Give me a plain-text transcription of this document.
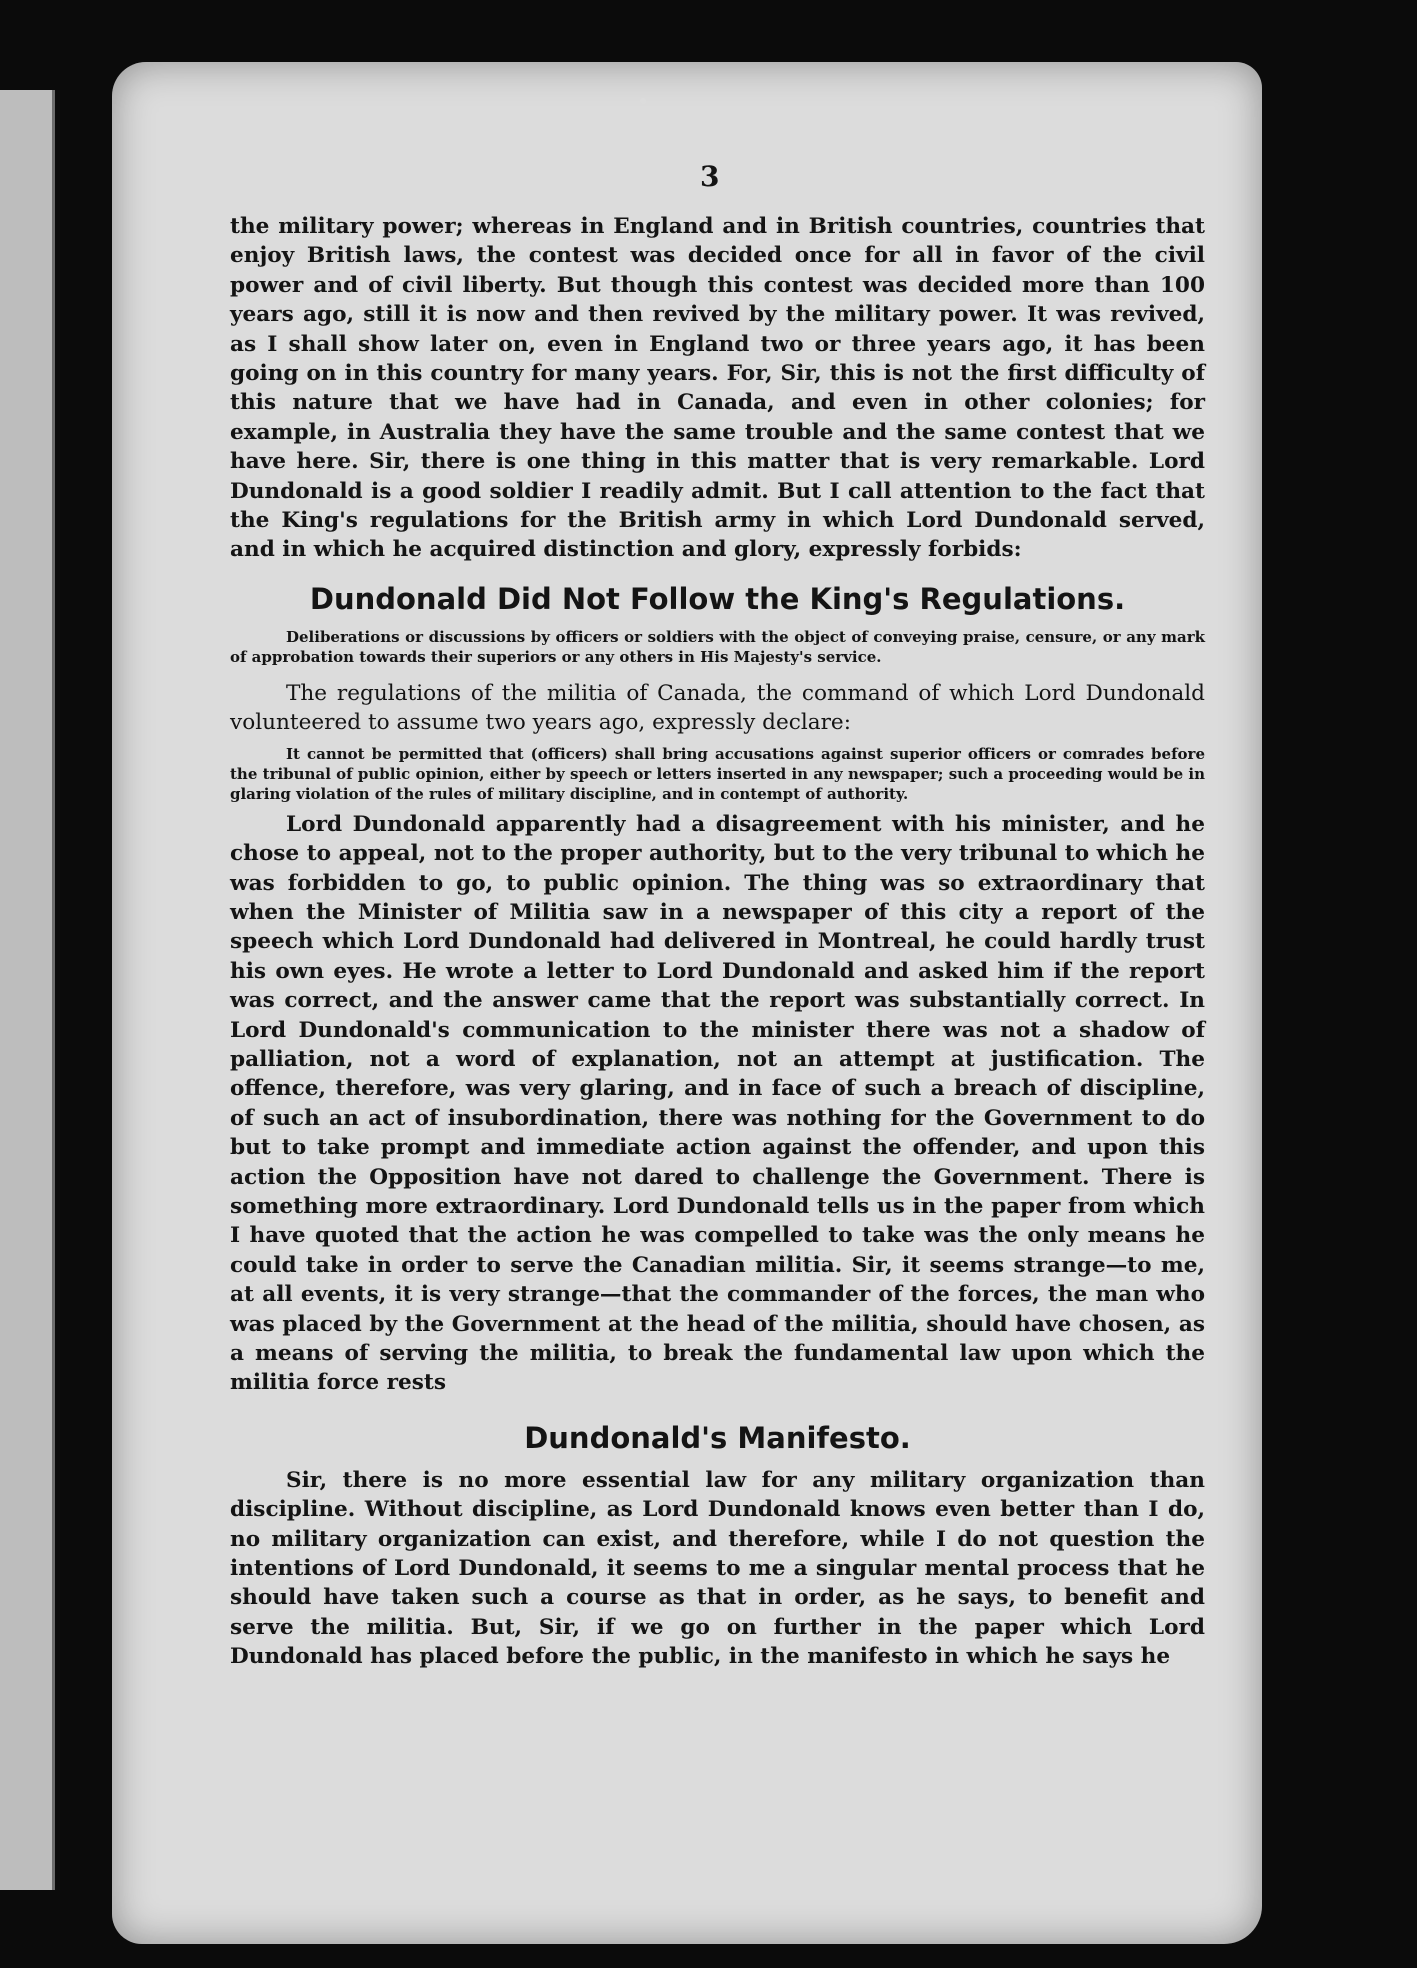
3

the military power; whereas in England and in British countries, countries that enjoy British laws, the contest was decided once for all in favor of the civil power and of civil liberty. But though this contest was decided more than 100 years ago, still it is now and then revived by the military power. It was revived, as I shall show later on, even in England two or three years ago, it has been going on in this country for many years. For, Sir, this is not the first difficulty of this nature that we have had in Canada, and even in other colonies; for example, in Australia they have the same trouble and the same contest that we have here. Sir, there is one thing in this matter that is very remarkable. Lord Dundonald is a good soldier I readily admit. But I call attention to the fact that the King's regulations for the British army in which Lord Dundonald served, and in which he acquired distinction and glory, expressly forbids:

Dundonald Did Not Follow the King's Regulations.

Deliberations or discussions by officers or soldiers with the object of conveying praise, censure, or any mark of approbation towards their superiors or any others in His Majesty's service.

The regulations of the militia of Canada, the command of which Lord Dundonald volunteered to assume two years ago, expressly declare:

It cannot be permitted that (officers) shall bring accusations against superior officers or comrades before the tribunal of public opinion, either by speech or letters inserted in any newspaper; such a proceeding would be in glaring violation of the rules of military discipline, and in contempt of authority.

Lord Dundonald apparently had a disagreement with his minister, and he chose to appeal, not to the proper authority, but to the very tribunal to which he was forbidden to go, to public opinion. The thing was so extraordinary that when the Minister of Militia saw in a newspaper of this city a report of the speech which Lord Dundonald had delivered in Montreal, he could hardly trust his own eyes. He wrote a letter to Lord Dundonald and asked him if the report was correct, and the answer came that the report was substantially correct. In Lord Dundonald's communication to the minister there was not a shadow of palliation, not a word of explanation, not an attempt at justification. The offence, therefore, was very glaring, and in face of such a breach of discipline, of such an act of insubordination, there was nothing for the Government to do but to take prompt and immediate action against the offender, and upon this action the Opposition have not dared to challenge the Government. There is something more extraordinary. Lord Dundonald tells us in the paper from which I have quoted that the action he was compelled to take was the only means he could take in order to serve the Canadian militia. Sir, it seems strange—to me, at all events, it is very strange—that the commander of the forces, the man who was placed by the Government at the head of the militia, should have chosen, as a means of serving the militia, to break the fundamental law upon which the militia force rests

Dundonald's Manifesto.

Sir, there is no more essential law for any military organization than discipline. Without discipline, as Lord Dundonald knows even better than I do, no military organization can exist, and therefore, while I do not question the intentions of Lord Dundonald, it seems to me a singular mental process that he should have taken such a course as that in order, as he says, to benefit and serve the militia. But, Sir, if we go on further in the paper which Lord Dundonald has placed before the public, in the manifesto in which he says he
